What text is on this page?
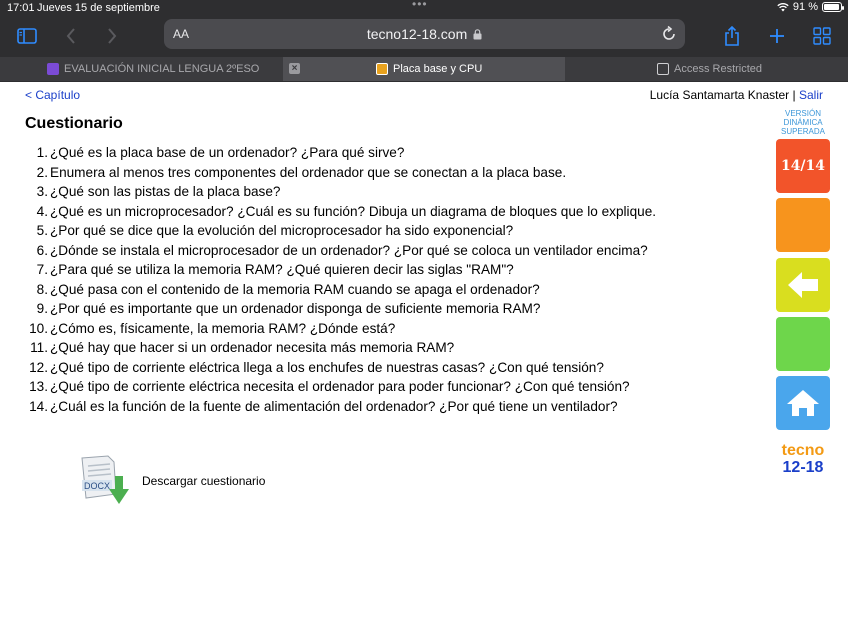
17:01 Jueves 15 de septiembre	•••	91 %
AA	tecno12-18.com
EVALUACIÓN INICIAL LENGUA 2ºESO	×	Placa base y CPU	Access Restricted
< Capítulo	Lucía Santamarta Knaster | Salir
Cuestionario
1. ¿Qué es la placa base de un ordenador? ¿Para qué sirve?
2. Enumera al menos tres componentes del ordenador que se conectan a la placa base.
3. ¿Qué son las pistas de la placa base?
4. ¿Qué es un microprocesador? ¿Cuál es su función? Dibuja un diagrama de bloques que lo explique.
5. ¿Por qué se dice que la evolución del microprocesador ha sido exponencial?
6. ¿Dónde se instala el microprocesador de un ordenador? ¿Por qué se coloca un ventilador encima?
7. ¿Para qué se utiliza la memoria RAM? ¿Qué quieren decir las siglas "RAM"?
8. ¿Qué pasa con el contenido de la memoria RAM cuando se apaga el ordenador?
9. ¿Por qué es importante que un ordenador disponga de suficiente memoria RAM?
10. ¿Cómo es, físicamente, la memoria RAM? ¿Dónde está?
11. ¿Qué hay que hacer si un ordenador necesita más memoria RAM?
12. ¿Qué tipo de corriente eléctrica llega a los enchufes de nuestras casas? ¿Con qué tensión?
13. ¿Qué tipo de corriente eléctrica necesita el ordenador para poder funcionar? ¿Con qué tensión?
14. ¿Cuál es la función de la fuente de alimentación del ordenador? ¿Por qué tiene un ventilador?
DOCX	Descargar cuestionario
VERSIÓN
DINÁMICA
SUPERADA
14/14
tecno
12-18
